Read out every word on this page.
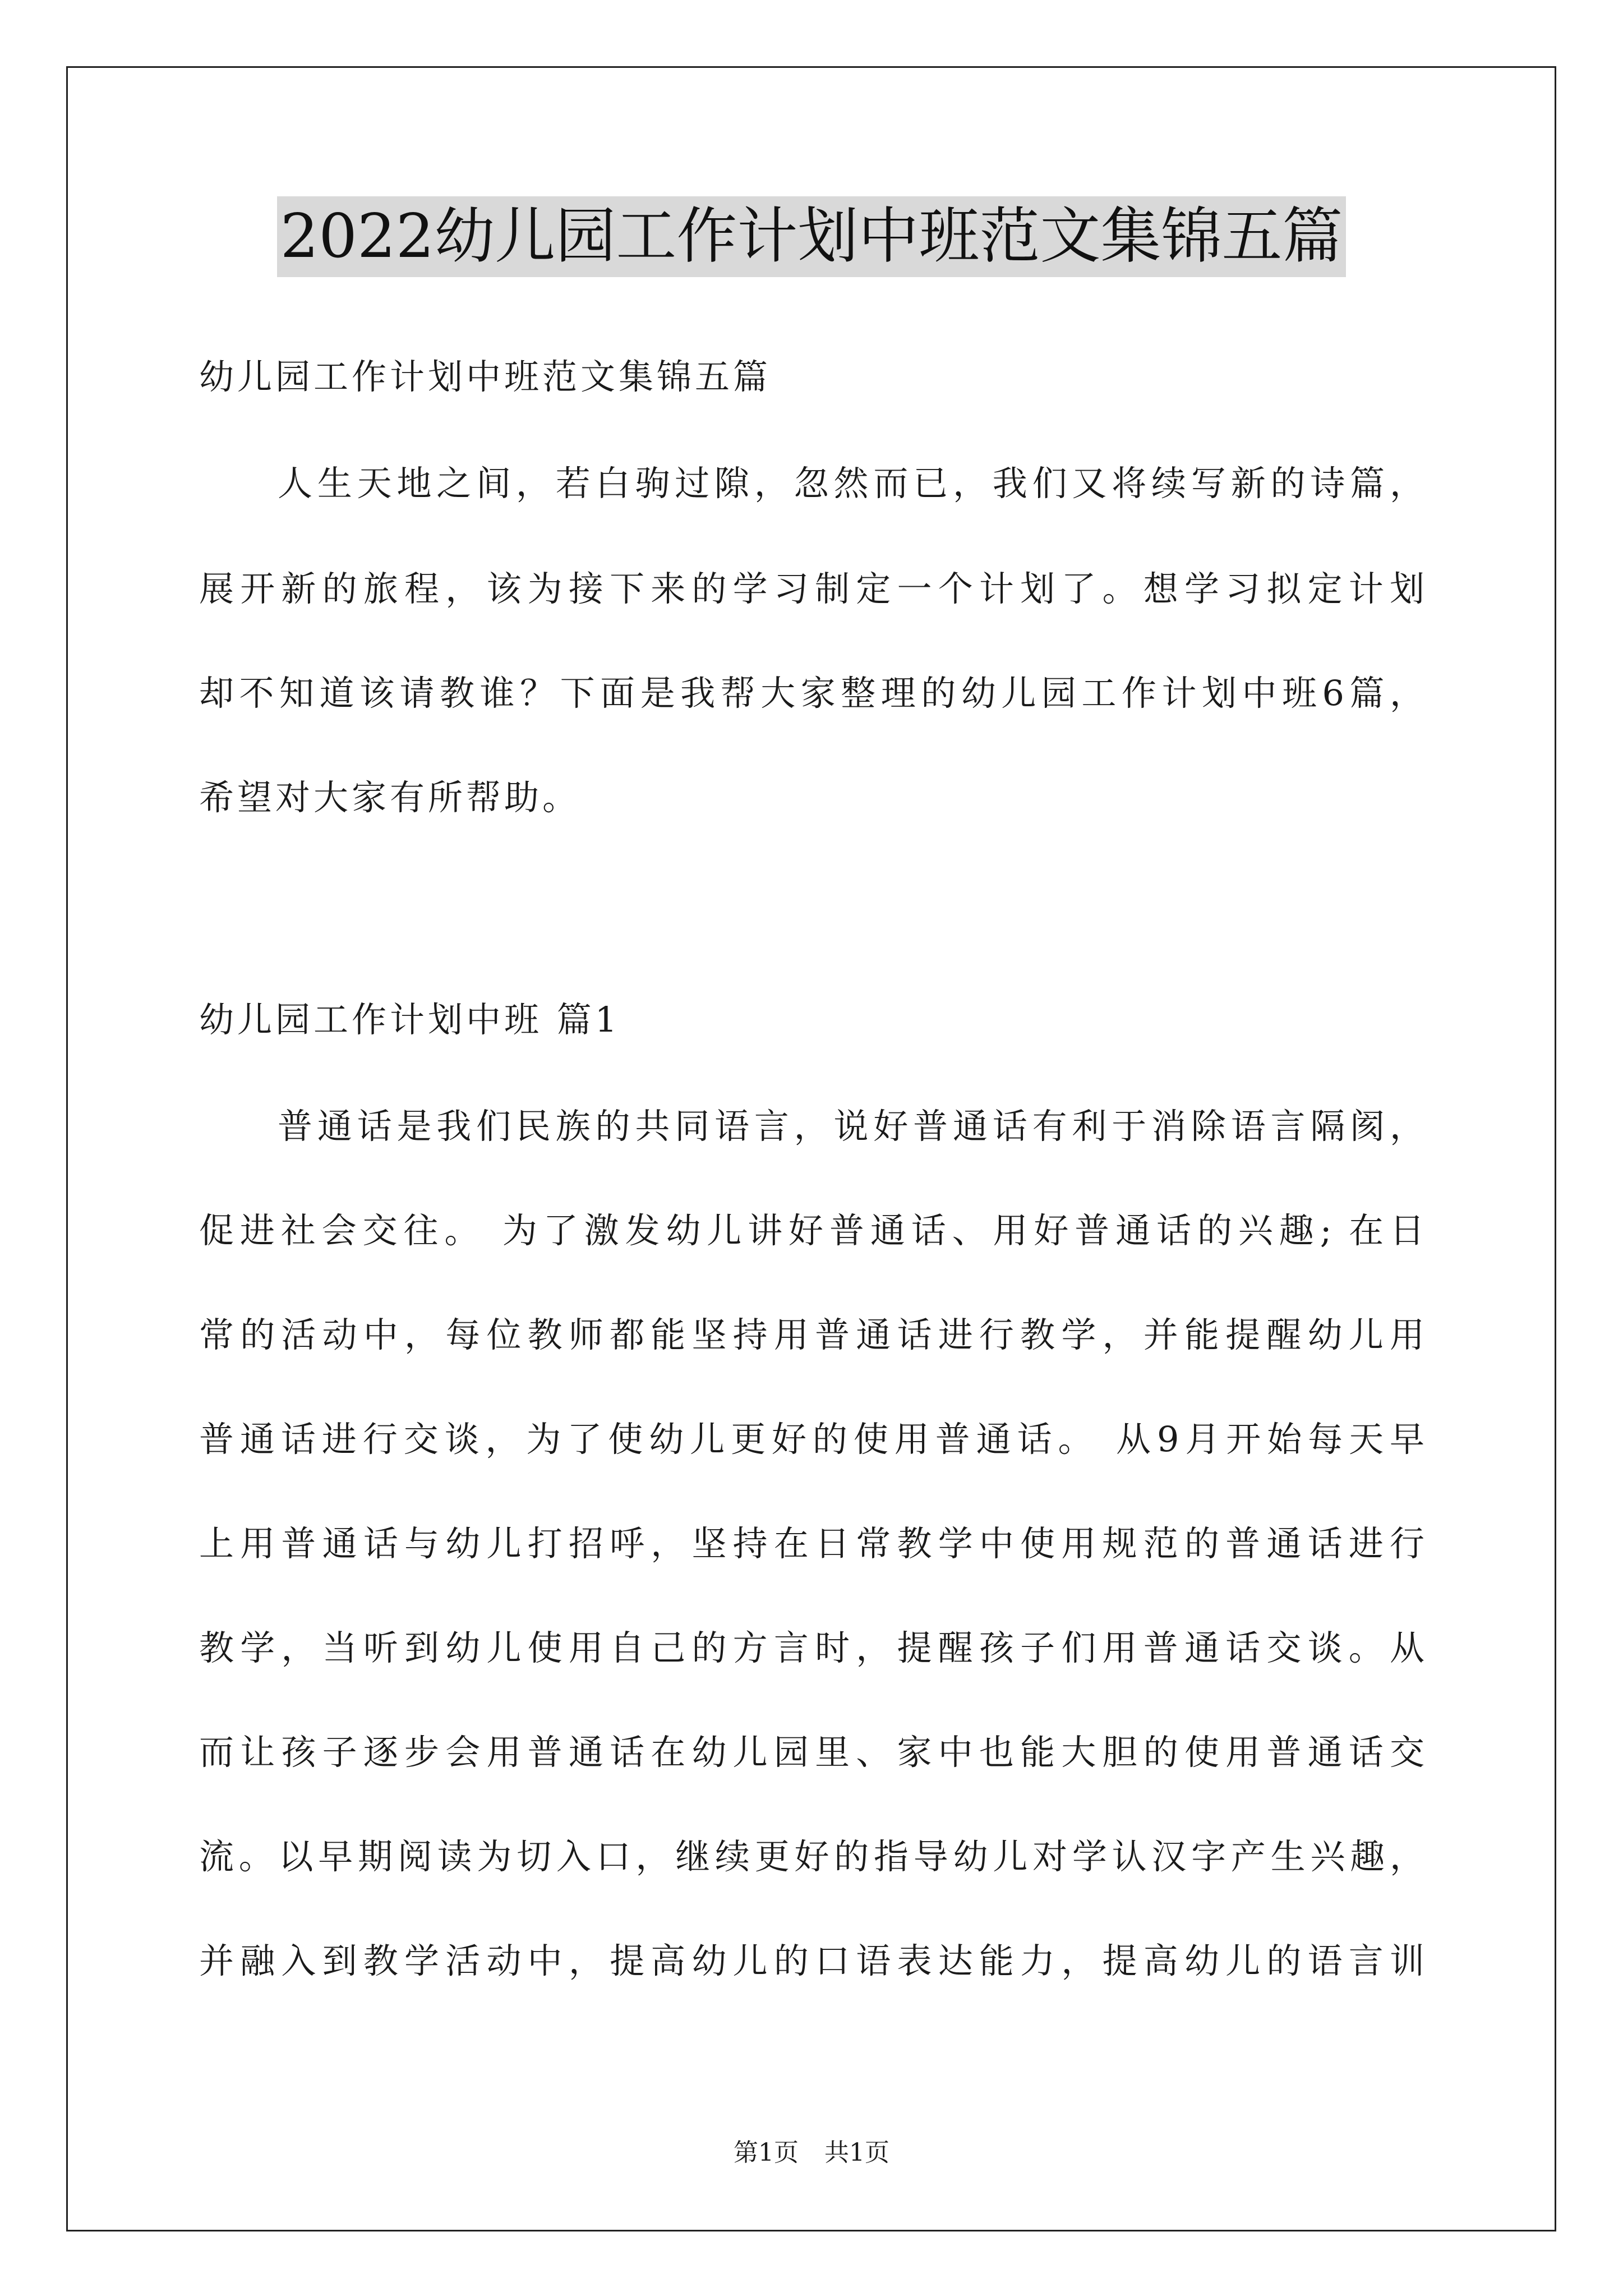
2022幼儿园工作计划中班范文集锦五篇
幼儿园工作计划中班范文集锦五篇
人生天地之间，若白驹过隙，忽然而已，我们又将续写新的诗篇，
展开新的旅程，该为接下来的学习制定一个计划了。想学习拟定计划
却不知道该请教谁？下面是我帮大家整理的幼儿园工作计划中班6篇，
希望对大家有所帮助。
幼儿园工作计划中班 篇1
普通话是我们民族的共同语言，说好普通话有利于消除语言隔阂，
促进社会交往。 为了激发幼儿讲好普通话、用好普通话的兴趣; 在日
常的活动中，每位教师都能坚持用普通话进行教学，并能提醒幼儿用
普通话进行交谈，为了使幼儿更好的使用普通话。 从9月开始每天早
上用普通话与幼儿打招呼，坚持在日常教学中使用规范的普通话进行
教学，当听到幼儿使用自己的方言时，提醒孩子们用普通话交谈。从
而让孩子逐步会用普通话在幼儿园里、家中也能大胆的使用普通话交
流。以早期阅读为切入口，继续更好的指导幼儿对学认汉字产生兴趣，
并融入到教学活动中，提高幼儿的口语表达能力，提高幼儿的语言训
第1页 共1页
